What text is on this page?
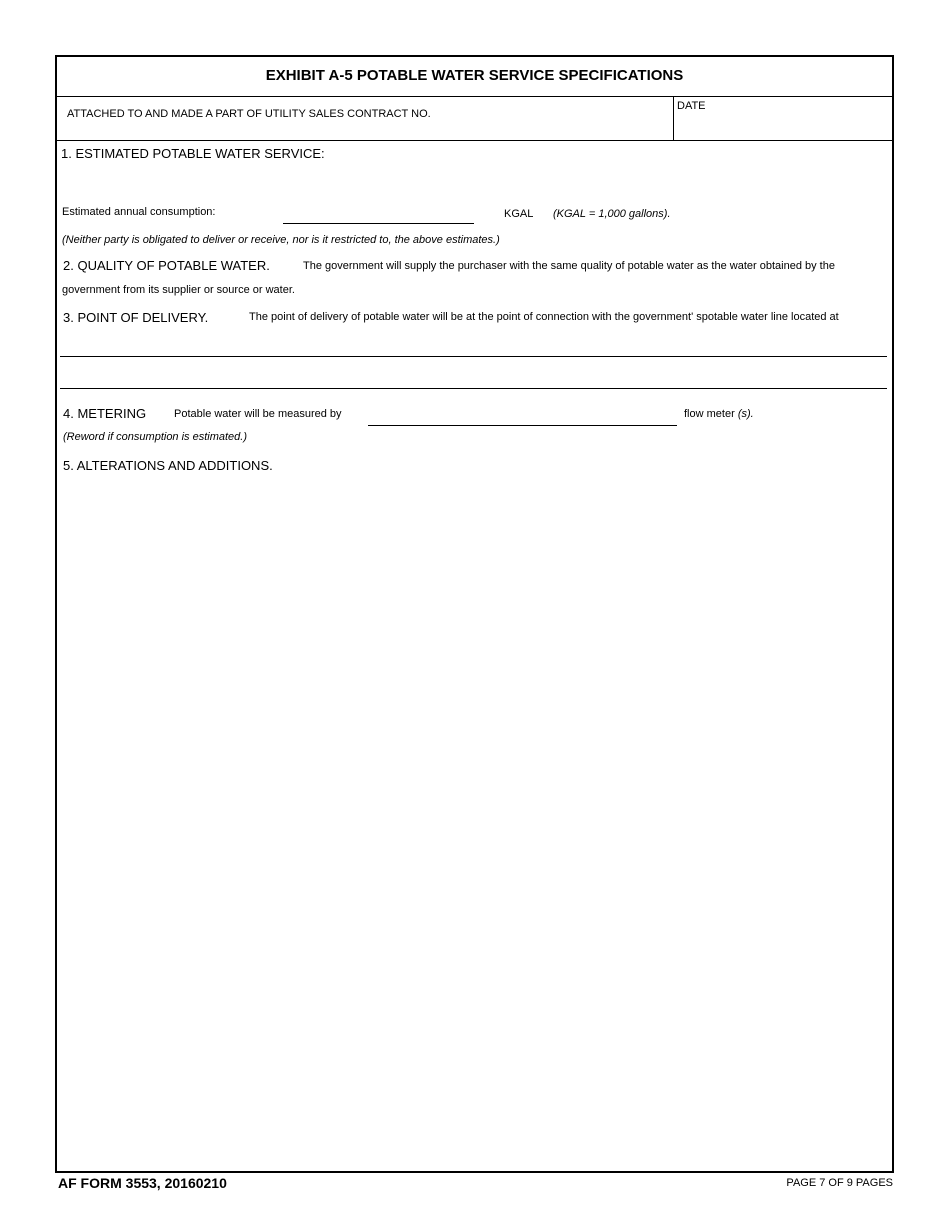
EXHIBIT A-5 POTABLE WATER SERVICE SPECIFICATIONS
ATTACHED TO AND MADE A PART OF UTILITY SALES CONTRACT NO.
DATE
1. ESTIMATED POTABLE WATER SERVICE:
Estimated annual consumption:	KGAL (KGAL = 1,000 gallons).
(Neither party is obligated to deliver or receive, nor is it restricted to, the above estimates.)
2. QUALITY OF POTABLE WATER.	The government will supply the purchaser with the same quality of potable water as the water obtained by the
government from its supplier or source or water.
3. POINT OF DELIVERY.	The point of delivery of potable water will be at the point of connection with the government' spotable water line located at
4. METERING	Potable water will be measured by	flow meter (s).
(Reword if consumption is estimated.)
5. ALTERATIONS AND ADDITIONS.
AF FORM 3553, 20160210	PAGE 7 OF 9 PAGES
